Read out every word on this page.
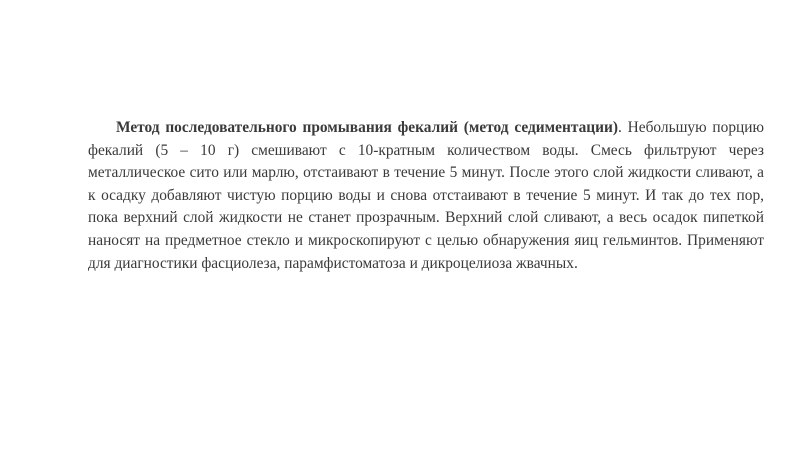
Метод последовательного промывания фекалий (метод седиментации). Небольшую порцию фекалий (5 – 10 г) смешивают с 10-кратным количеством воды. Смесь фильтруют через металлическое сито или марлю, отстаивают в течение 5 минут. После этого слой жидкости сливают, а к осадку добавляют чистую порцию воды и снова отстаивают в течение 5 минут. И так до тех пор, пока верхний слой жидкости не станет прозрачным. Верхний слой сливают, а весь осадок пипеткой наносят на предметное стекло и микроскопируют с целью обнаружения яиц гельминтов. Применяют для диагностики фасциолеза, парамфистоматоза и дикроцелиоза жвачных.
